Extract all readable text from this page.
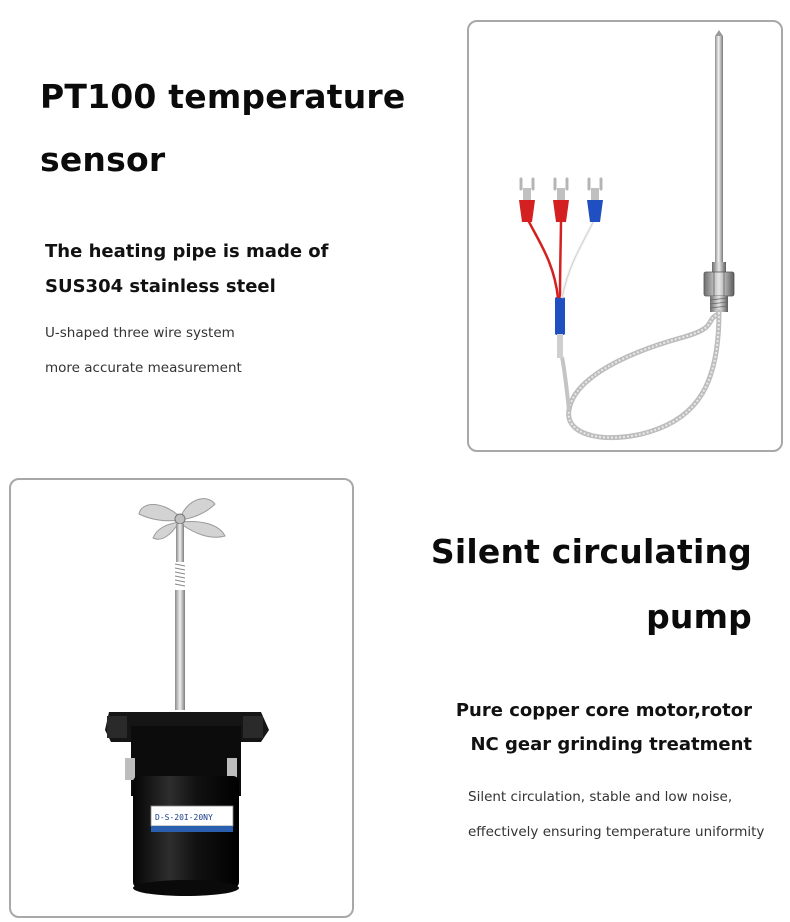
PT100 temperature
sensor
The heating pipe is made of
SUS304 stainless steel
U-shaped three wire system
more accurate measurement
D-S-20I-20NY
Silent circulating
pump
Pure copper core motor,rotor
NC gear grinding treatment
Silent circulation, stable and low noise,
effectively ensuring temperature uniformity
